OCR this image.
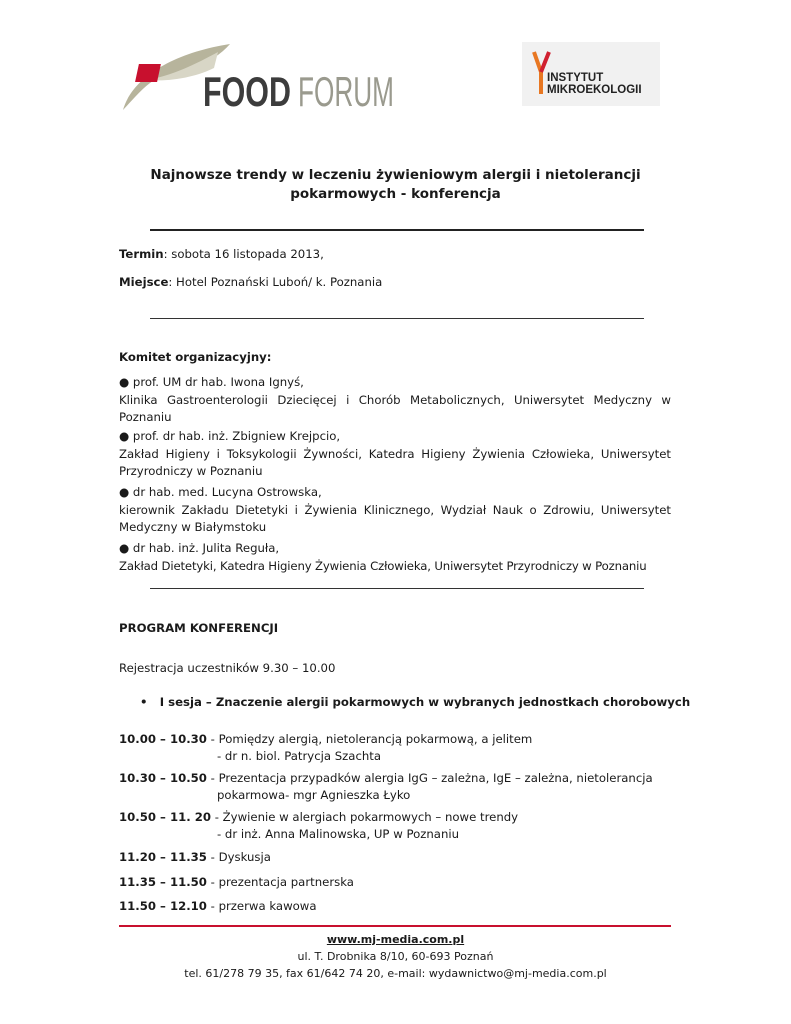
FOOD FORUM	INSTYTUT
MIKROEKOLOGII
Najnowsze trendy w leczeniu żywieniowym alergii i nietolerancji
pokarmowych - konferencja
Termin: sobota 16 listopada 2013,
Miejsce: Hotel Poznański Luboń/ k. Poznania
Komitet organizacyjny:
● prof. UM dr hab. Iwona Ignyś,
Klinika Gastroenterologii Dziecięcej i Chorób Metabolicznych, Uniwersytet Medyczny w
Poznaniu
● prof. dr hab. inż. Zbigniew Krejpcio,
Zakład Higieny i Toksykologii Żywności, Katedra Higieny Żywienia Człowieka, Uniwersytet
Przyrodniczy w Poznaniu
● dr hab. med. Lucyna Ostrowska,
kierownik Zakładu Dietetyki i Żywienia Klinicznego, Wydział Nauk o Zdrowiu, Uniwersytet
Medyczny w Białymstoku
● dr hab. inż. Julita Reguła,
Zakład Dietetyki, Katedra Higieny Żywienia Człowieka, Uniwersytet Przyrodniczy w Poznaniu
PROGRAM KONFERENCJI
Rejestracja uczestników 9.30 – 10.00
• I sesja – Znaczenie alergii pokarmowych w wybranych jednostkach chorobowych
10.00 – 10.30 - Pomiędzy alergią, nietolerancją pokarmową, a jelitem
- dr n. biol. Patrycja Szachta
10.30 – 10.50 - Prezentacja przypadków alergia IgG – zależna, IgE – zależna, nietolerancja
pokarmowa- mgr Agnieszka Łyko
10.50 – 11. 20 - Żywienie w alergiach pokarmowych – nowe trendy
- dr inż. Anna Malinowska, UP w Poznaniu
11.20 – 11.35 - Dyskusja
11.35 – 11.50 - prezentacja partnerska
11.50 – 12.10 - przerwa kawowa
www.mj-media.com.pl
ul. T. Drobnika 8/10, 60-693 Poznań
tel. 61/278 79 35, fax 61/642 74 20, e-mail: wydawnictwo@mj-media.com.pl
